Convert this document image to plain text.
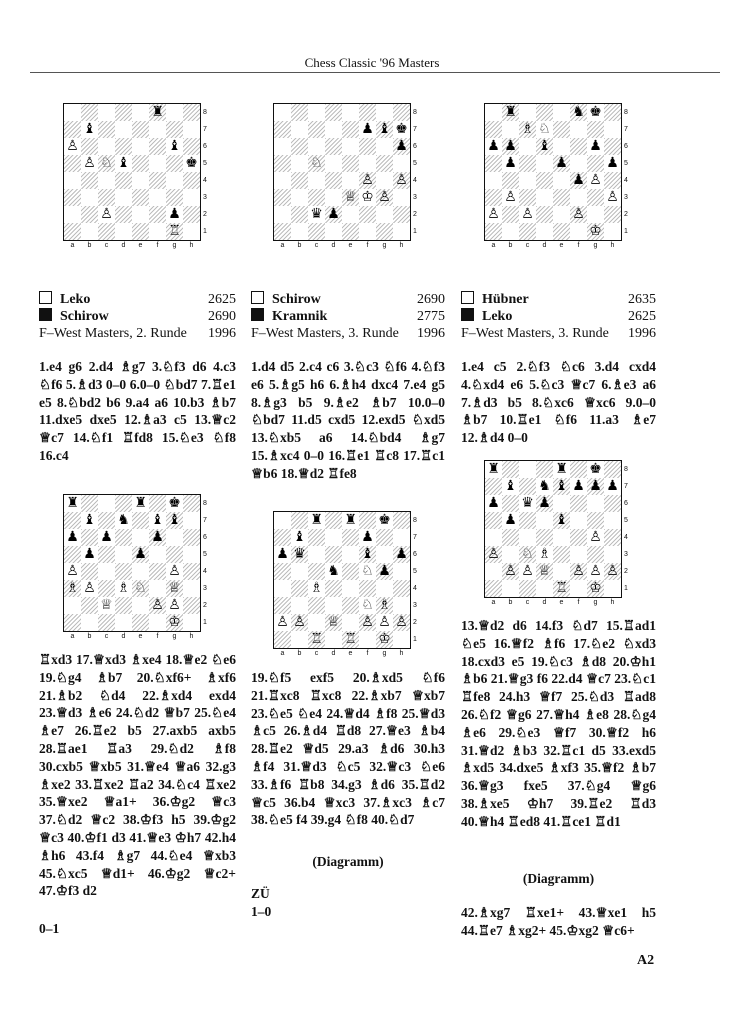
Chess Classic '96 Masters
♜
♝
♙	♝
♙ ♘ ♝	♚
♙	♟
♖
8
7
6
5
4
3
2
1
a	b	c	d	e	f	g	h
♟ ♝ ♚
♟
♘
♙ ♙
♕ ♔ ♙
♛ ♟
8
7
6
5
4
3
2
1
a	b	c	d	e	f	g	h
♜	♞ ♚
♗ ♘
♟ ♟ ♝	♟
♟	♟	♟
♟ ♙
♙	♙
♙ ♙	♙
♔
8
7
6
5
4
3
2
1
a	b	c	d	e	f	g	h
Leko	2625
Schirow	2690
F–West Masters, 2. Runde 1996
Schirow	2690
Kramnik	2775
F–West Masters, 3. Runde 1996
Hübner	2635
Leko	2625
F–West Masters, 3. Runde 1996
1.e4 g6 2.d4 ♗g7 3.♘f3 d6 4.c3 ♘f6 5.♗d3 0–0 6.0–0 ♘bd7 7.♖e1 e5 8.♘bd2 b6 9.a4 a6 10.b3 ♗b7 11.dxe5 dxe5 12.♗a3 c5 13.♕c2 ♕c7 14.♘f1 ♖fd8 15.♘e3 ♘f8 16.c4
1.d4 d5 2.c4 c6 3.♘c3 ♘f6 4.♘f3 e6 5.♗g5 h6 6.♗h4 dxc4 7.e4 g5 8.♗g3 b5 9.♗e2 ♗b7 10.0–0 ♘bd7 11.d5 cxd5 12.exd5 ♘xd5 13.♘xb5 a6 14.♘bd4 ♗g7 15.♗xc4 0–0 16.♖e1 ♖c8 17.♖c1 ♕b6 18.♕d2 ♖fe8
1.e4 c5 2.♘f3 ♘c6 3.d4 cxd4 4.♘xd4 e6 5.♘c3 ♕c7 6.♗e3 a6 7.♗d3 b5 8.♘xc6 ♕xc6 9.0–0 ♗b7 10.♖e1 ♘f6 11.a3 ♗e7 12.♗d4 0–0
♜	♜ ♚
♝ ♞ ♝ ♝
♟ ♟	♟
♟	♟
♙	♙
♗ ♙ ♗ ♘ ♕
♕	♙ ♙
♔
8
7
6
5
4
3
2
1
a	b	c	d	e	f	g	h
♜ ♜ ♚
♝	♟
♟ ♛	♝ ♟
♞ ♘ ♟
♗
♘ ♗
♙ ♙ ♕ ♙ ♙ ♙
♖ ♖ ♔
8
7
6
5
4
3
2
1
a	b	c	d	e	f	g	h
♜	♜ ♚
♝ ♞ ♝ ♟ ♟ ♟
♟ ♛ ♟
♟	♝
♙
♙ ♘ ♗
♙ ♙ ♕ ♙ ♙ ♙
♖ ♔
8
7
6
5
4
3
2
1
a	b	c	d	e	f	g	h
♖xd3 17.♕xd3 ♗xe4 18.♕e2 ♘e6 19.♘g4 ♗b7 20.♘xf6+ ♗xf6 21.♗b2 ♘d4 22.♗xd4 exd4 23.♕d3 ♗e6 24.♘d2 ♕b7 25.♘e4 ♗e7 26.♖e2 b5 27.axb5 axb5 28.♖ae1 ♖a3 29.♘d2 ♗f8 30.cxb5 ♕xb5 31.♕e4 ♕a6 32.g3 ♗xe2 33.♖xe2 ♖a2 34.♘c4 ♖xe2 35.♕xe2 ♕a1+ 36.♔g2 ♕c3 37.♘d2 ♕c2 38.♔f3 h5 39.♔g2 ♕c3 40.♔f1 d3 41.♕e3 ♔h7 42.h4 ♗h6 43.f4 ♗g7 44.♘e4 ♕xb3 45.♘xc5 ♕d1+ 46.♔g2 ♕c2+ 47.♔f3 d2
0–1
19.♘f5 exf5 20.♗xd5 ♘f6 21.♖xc8 ♖xc8 22.♗xb7 ♕xb7 23.♘e5 ♘e4 24.♕d4 ♗f8 25.♕d3 ♗c5 26.♗d4 ♖d8 27.♕e3 ♗b4 28.♖e2 ♕d5 29.a3 ♗d6 30.h3 ♗f4 31.♕d3 ♘c5 32.♕c3 ♘e6 33.♗f6 ♖b8 34.g3 ♗d6 35.♖d2 ♕c5 36.b4 ♕xc3 37.♗xc3 ♗c7 38.♘e5 f4 39.g4 ♘f8 40.♘d7
(Diagramm)
ZÜ
1–0
13.♕d2 d6 14.f3 ♘d7 15.♖ad1 ♘e5 16.♕f2 ♗f6 17.♘e2 ♘xd3 18.cxd3 e5 19.♘c3 ♗d8 20.♔h1 ♗b6 21.♕g3 f6 22.d4 ♕c7 23.♘c1 ♖fe8 24.h3 ♕f7 25.♘d3 ♖ad8 26.♘f2 ♕g6 27.♕h4 ♗e8 28.♘g4 ♗e6 29.♘e3 ♕f7 30.♕f2 h6 31.♕d2 ♗b3 32.♖c1 d5 33.exd5 ♗xd5 34.dxe5 ♗xf3 35.♕f2 ♗b7 36.♕g3 fxe5 37.♘g4 ♕g6 38.♗xe5 ♔h7 39.♖e2 ♖d3 40.♕h4 ♖ed8 41.♖ce1 ♖d1
(Diagramm)
42.♗xg7 ♖xe1+ 43.♕xe1 h5 44.♖e7 ♗xg2+ 45.♔xg2 ♕c6+
A2
